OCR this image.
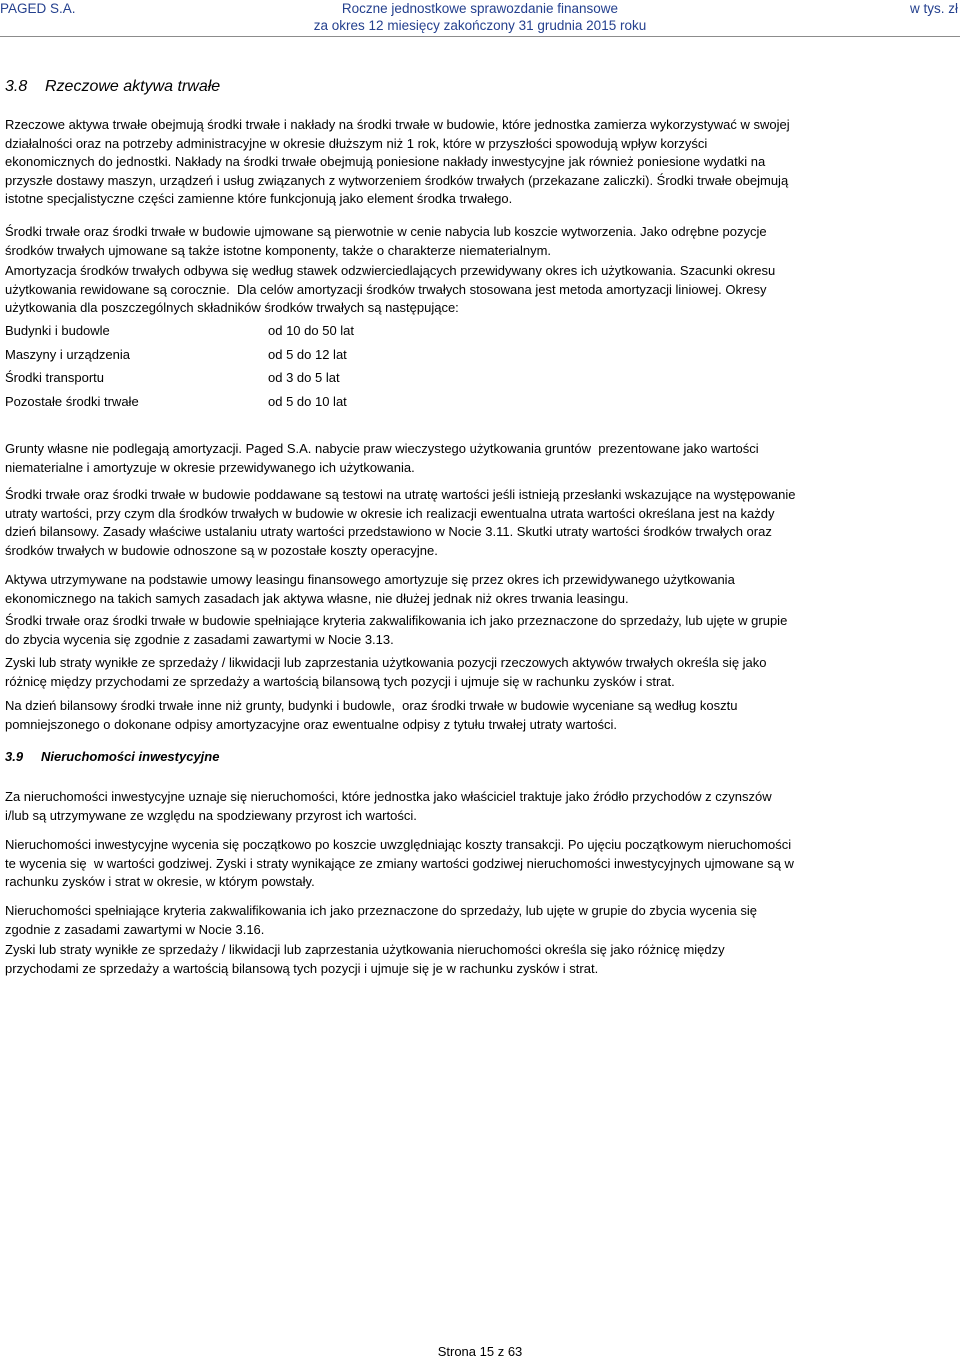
PAGED S.A.	Roczne jednostkowe sprawozdanie finansowe
za okres 12 miesięcy zakończony 31 grudnia 2015 roku
w tys. zł
3.8 Rzeczowe aktywa trwałe
Rzeczowe aktywa trwałe obejmują środki trwałe i nakłady na środki trwałe w budowie, które jednostka zamierza wykorzystywać w swojej
działalności oraz na potrzeby administracyjne w okresie dłuższym niż 1 rok, które w przyszłości spowodują wpływ korzyści
ekonomicznych do jednostki. Nakłady na środki trwałe obejmują poniesione nakłady inwestycyjne jak również poniesione wydatki na
przyszłe dostawy maszyn, urządzeń i usług związanych z wytworzeniem środków trwałych (przekazane zaliczki). Środki trwałe obejmują
istotne specjalistyczne części zamienne które funkcjonują jako element środka trwałego.
Środki trwałe oraz środki trwałe w budowie ujmowane są pierwotnie w cenie nabycia lub koszcie wytworzenia. Jako odrębne pozycje
środków trwałych ujmowane są także istotne komponenty, także o charakterze niematerialnym.
Amortyzacja środków trwałych odbywa się według stawek odzwierciedlających przewidywany okres ich użytkowania. Szacunki okresu
użytkowania rewidowane są corocznie.  Dla celów amortyzacji środków trwałych stosowana jest metoda amortyzacji liniowej. Okresy
użytkowania dla poszczególnych składników środków trwałych są następujące:
Budynki i budowle	od 10 do 50 lat
Maszyny i urządzenia	od 5 do 12 lat
Środki transportu	od 3 do 5 lat
Pozostałe środki trwałe	od 5 do 10 lat
Grunty własne nie podlegają amortyzacji. Paged S.A. nabycie praw wieczystego użytkowania gruntów  prezentowane jako wartości
niematerialne i amortyzuje w okresie przewidywanego ich użytkowania.
Środki trwałe oraz środki trwałe w budowie poddawane są testowi na utratę wartości jeśli istnieją przesłanki wskazujące na występowanie
utraty wartości, przy czym dla środków trwałych w budowie w okresie ich realizacji ewentualna utrata wartości określana jest na każdy
dzień bilansowy. Zasady właściwe ustalaniu utraty wartości przedstawiono w Nocie 3.11. Skutki utraty wartości środków trwałych oraz
środków trwałych w budowie odnoszone są w pozostałe koszty operacyjne.
Aktywa utrzymywane na podstawie umowy leasingu finansowego amortyzuje się przez okres ich przewidywanego użytkowania
ekonomicznego na takich samych zasadach jak aktywa własne, nie dłużej jednak niż okres trwania leasingu.
Środki trwałe oraz środki trwałe w budowie spełniające kryteria zakwalifikowania ich jako przeznaczone do sprzedaży, lub ujęte w grupie
do zbycia wycenia się zgodnie z zasadami zawartymi w Nocie 3.13.
Zyski lub straty wynikłe ze sprzedaży / likwidacji lub zaprzestania użytkowania pozycji rzeczowych aktywów trwałych określa się jako
różnicę między przychodami ze sprzedaży a wartością bilansową tych pozycji i ujmuje się w rachunku zysków i strat.
Na dzień bilansowy środki trwałe inne niż grunty, budynki i budowle,  oraz środki trwałe w budowie wyceniane są według kosztu
pomniejszonego o dokonane odpisy amortyzacyjne oraz ewentualne odpisy z tytułu trwałej utraty wartości.
3.9 Nieruchomości inwestycyjne
Za nieruchomości inwestycyjne uznaje się nieruchomości, które jednostka jako właściciel traktuje jako źródło przychodów z czynszów
i/lub są utrzymywane ze względu na spodziewany przyrost ich wartości.
Nieruchomości inwestycyjne wycenia się początkowo po koszcie uwzględniając koszty transakcji. Po ujęciu początkowym nieruchomości
te wycenia się  w wartości godziwej. Zyski i straty wynikające ze zmiany wartości godziwej nieruchomości inwestycyjnych ujmowane są w
rachunku zysków i strat w okresie, w którym powstały.
Nieruchomości spełniające kryteria zakwalifikowania ich jako przeznaczone do sprzedaży, lub ujęte w grupie do zbycia wycenia się
zgodnie z zasadami zawartymi w Nocie 3.16.
Zyski lub straty wynikłe ze sprzedaży / likwidacji lub zaprzestania użytkowania nieruchomości określa się jako różnicę między
przychodami ze sprzedaży a wartością bilansową tych pozycji i ujmuje się je w rachunku zysków i strat.
Strona 15 z 63
